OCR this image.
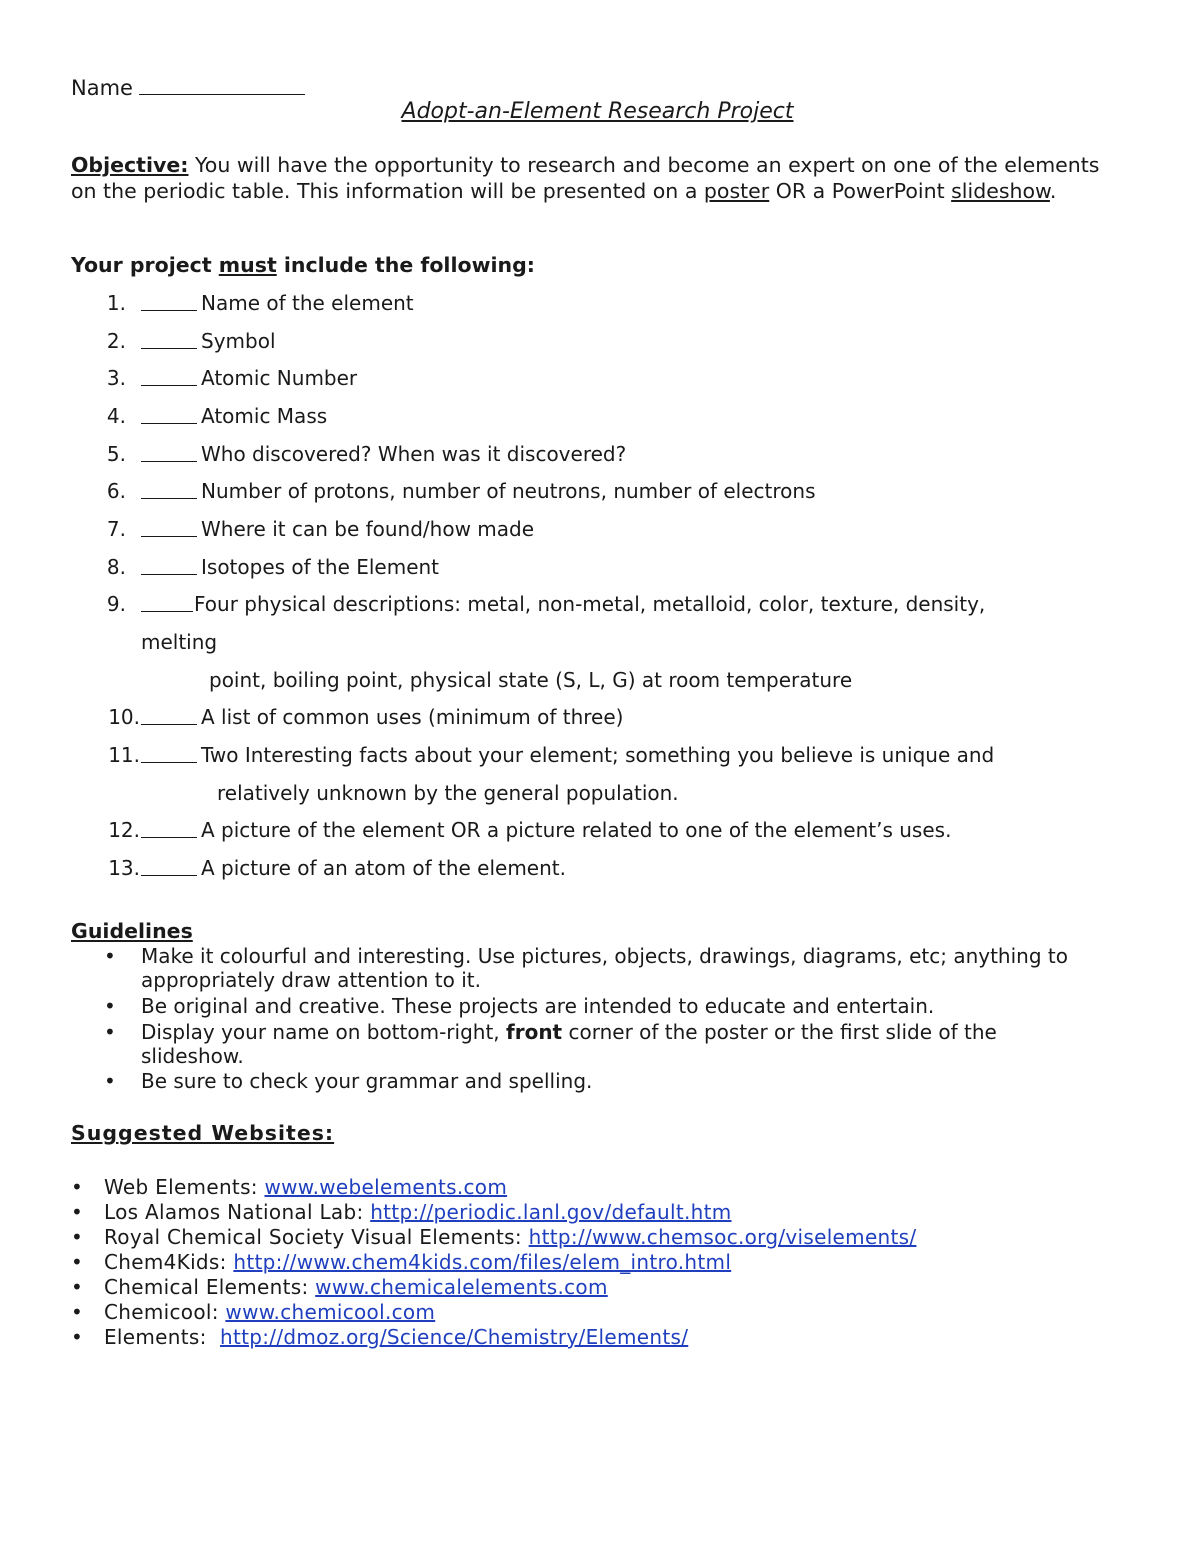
Name
Adopt-an-Element Research Project
Objective: You will have the opportunity to research and become an expert on one of the elements on the periodic table. This information will be presented on a poster OR a PowerPoint slideshow.
Your project must include the following:
1.	Name of the element
2.	Symbol
3.	Atomic Number
4.	Atomic Mass
5.	Who discovered? When was it discovered?
6.	Number of protons, number of neutrons, number of electrons
7.	Where it can be found/how made
8.	Isotopes of the Element
9.	Four physical descriptions: metal, non-metal, metalloid, color, texture, density,
melting
point, boiling point, physical state (S, L, G) at room temperature
10.	A list of common uses (minimum of three)
11.	Two Interesting facts about your element; something you believe is unique and
relatively unknown by the general population.
12.	A picture of the element OR a picture related to one of the element’s uses.
13.	A picture of an atom of the element.
Guidelines
• Make it colourful and interesting. Use pictures, objects, drawings, diagrams, etc; anything to appropriately draw attention to it.
• Be original and creative. These projects are intended to educate and entertain.
• Display your name on bottom-right, front corner of the poster or the first slide of the slideshow.
• Be sure to check your grammar and spelling.
Suggested Websites:
• Web Elements: www.webelements.com
• Los Alamos National Lab: http://periodic.lanl.gov/default.htm
• Royal Chemical Society Visual Elements: http://www.chemsoc.org/viselements/
• Chem4Kids: http://www.chem4kids.com/files/elem_intro.html
• Chemical Elements: www.chemicalelements.com
• Chemicool: www.chemicool.com
• Elements:  http://dmoz.org/Science/Chemistry/Elements/
